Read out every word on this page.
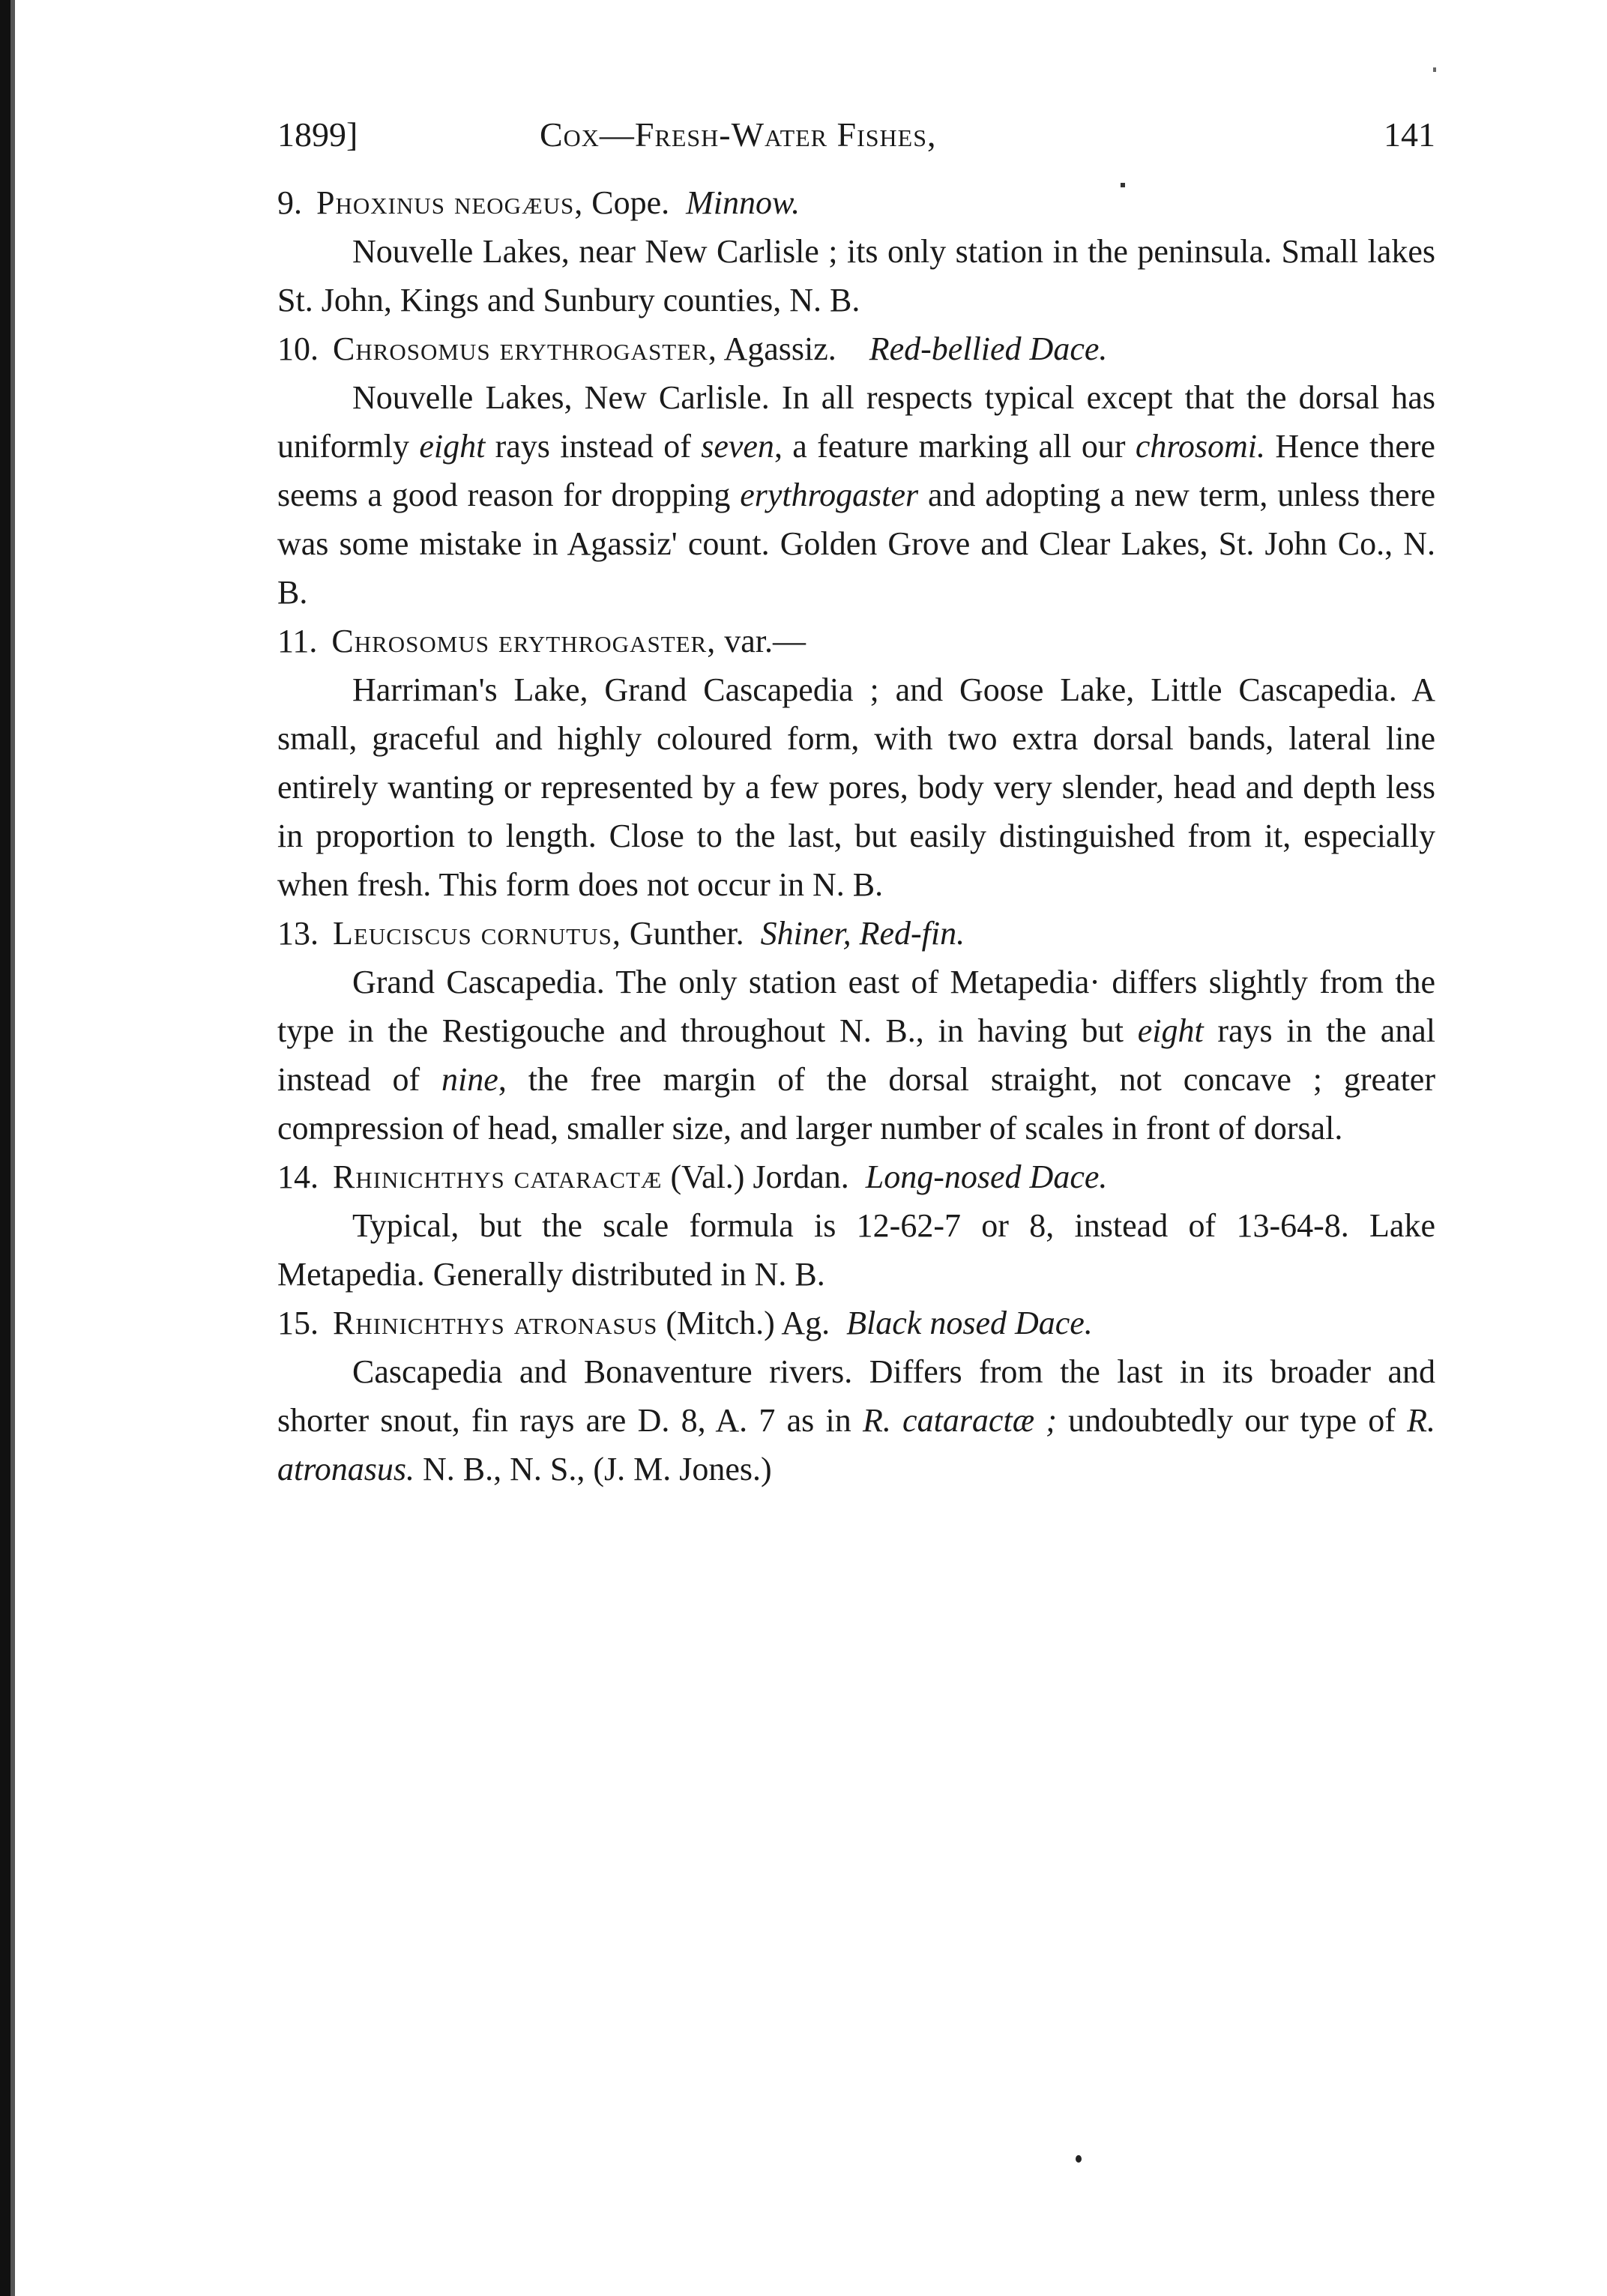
1899]	Cox—Fresh-Water Fishes,	141

9. Phoxinus neogæus, Cope. Minnow.

Nouvelle Lakes, near New Carlisle ; its only station in the peninsula. Small lakes St. John, Kings and Sunbury counties, N. B.

10. Chrosomus erythrogaster, Agassiz. Red-bellied Dace.

Nouvelle Lakes, New Carlisle. In all respects typical except that the dorsal has uniformly eight rays instead of seven, a feature marking all our chrosomi. Hence there seems a good reason for dropping erythrogaster and adopting a new term, unless there was some mistake in Agassiz' count. Golden Grove and Clear Lakes, St. John Co., N. B.

11. Chrosomus erythrogaster, var.—

Harriman's Lake, Grand Cascapedia ; and Goose Lake, Little Cascapedia. A small, graceful and highly coloured form, with two extra dorsal bands, lateral line entirely wanting or represented by a few pores, body very slender, head and depth less in proportion to length. Close to the last, but easily distinguished from it, especially when fresh. This form does not occur in N. B.

13. Leuciscus cornutus, Gunther. Shiner, Red-fin.

Grand Cascapedia. The only station east of Metapedia· differs slightly from the type in the Restigouche and throughout N. B., in having but eight rays in the anal instead of nine, the free margin of the dorsal straight, not concave ; greater compression of head, smaller size, and larger number of scales in front of dorsal.

14. Rhinichthys cataractæ (Val.) Jordan. Long-nosed Dace.

Typical, but the scale formula is 12-62-7 or 8, instead of 13-64-8. Lake Metapedia. Generally distributed in N. B.

15. Rhinichthys atronasus (Mitch.) Ag. Black nosed Dace.

Cascapedia and Bonaventure rivers. Differs from the last in its broader and shorter snout, fin rays are D. 8, A. 7 as in R. cataractæ ; undoubtedly our type of R. atronasus. N. B., N. S., (J. M. Jones.)
